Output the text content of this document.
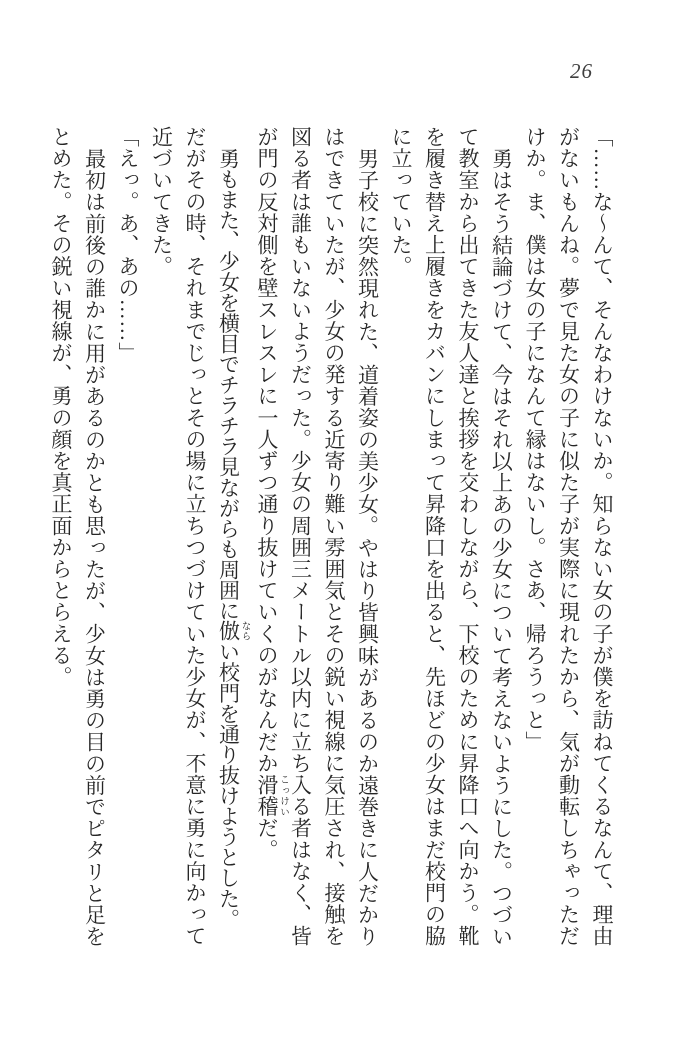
26

「……な〜んて、そんなわけないか。知らない女の子が僕を訪ねてくるなんて、理由がないもんね。夢で見た女の子に似た子が実際に現れたから、気が動転しちゃっただけか。ま、僕は女の子になんて縁はないし。さあ、帰ろうっと」

勇はそう結論づけて、今はそれ以上あの少女について考えないようにした。つづいて教室から出てきた友人達と挨拶を交わしながら、下校のために昇降口へ向かう。靴を履き替え上履きをカバンにしまって昇降口を出ると、先ほどの少女はまだ校門の脇に立っていた。

男子校に突然現れた、道着姿の美少女。やはり皆興味があるのか遠巻きに人だかりはできていたが、少女の発する近寄り難い雰囲気とその鋭い視線に気圧され、接触を図る者は誰もいないようだった。少女の周囲三メートル以内に立ち入る者はなく、皆が門の反対側を壁スレスレに一人ずつ通り抜けていくのがなんだか滑稽 こっけいだ。

勇もまた、少女を横目でチラチラ見ながらも周囲に倣 ならい校門を通り抜けようとした。

だがその時、それまでじっとその場に立ちつづけていた少女が、不意に勇に向かって近づいてきた。

「えっ。あ、あの……」

最初は前後の誰かに用があるのかとも思ったが、少女は勇の目の前でピタリと足をとめた。その鋭い視線が、勇の顔を真正面からとらえる。
